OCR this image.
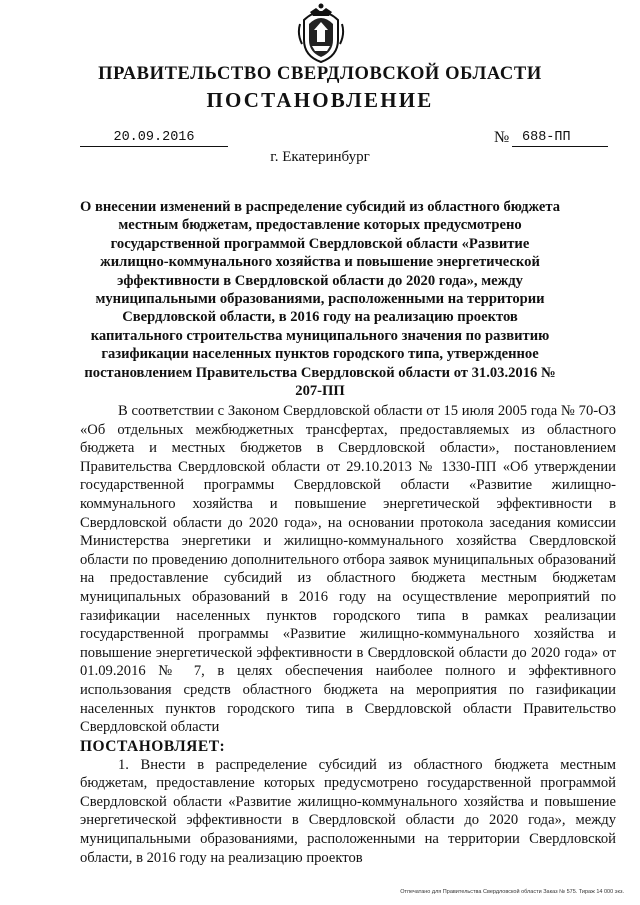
ПРАВИТЕЛЬСТВО СВЕРДЛОВСКОЙ ОБЛАСТИ
ПОСТАНОВЛЕНИЕ
20.09.2016	№ 688-ПП
г. Екатеринбург
О внесении изменений в распределение субсидий из областного бюджета местным бюджетам, предоставление которых предусмотрено государственной программой Свердловской области «Развитие жилищно-коммунального хозяйства и повышение энергетической эффективности в Свердловской области до 2020 года», между муниципальными образованиями, расположенными на территории Свердловской области, в 2016 году на реализацию проектов капитального строительства муниципального значения по развитию газификации населенных пунктов городского типа, утвержденное постановлением Правительства Свердловской области от 31.03.2016 № 207-ПП

В соответствии с Законом Свердловской области от 15 июля 2005 года № 70-ОЗ «Об отдельных межбюджетных трансфертах, предоставляемых из областного бюджета и местных бюджетов в Свердловской области», постановлением Правительства Свердловской области от 29.10.2013 № 1330-ПП «Об утверждении государственной программы Свердловской области «Развитие жилищно-коммунального хозяйства и повышение энергетической эффективности в Свердловской области до 2020 года», на основании протокола заседания комиссии Министерства энергетики и жилищно-коммунального хозяйства Свердловской области по проведению дополнительного отбора заявок муниципальных образований на предоставление субсидий из областного бюджета местным бюджетам муниципальных образований в 2016 году на осуществление мероприятий по газификации населенных пунктов городского типа в рамках реализации государственной программы «Развитие жилищно-коммунального хозяйства и повышение энергетической эффективности в Свердловской области до 2020 года» от 01.09.2016 № 7, в целях обеспечения наиболее полного и эффективного использования средств областного бюджета на мероприятия по газификации населенных пунктов городского типа в Свердловской области Правительство Свердловской области

ПОСТАНОВЛЯЕТ:

1. Внести в распределение субсидий из областного бюджета местным бюджетам, предоставление которых предусмотрено государственной программой Свердловской области «Развитие жилищно-коммунального хозяйства и повышение энергетической эффективности в Свердловской области до 2020 года», между муниципальными образованиями, расположенными на территории Свердловской области, в 2016 году на реализацию проектов

Отпечатано для Правительства Свердловской области Заказ № 575. Тираж 14 000 экз.
